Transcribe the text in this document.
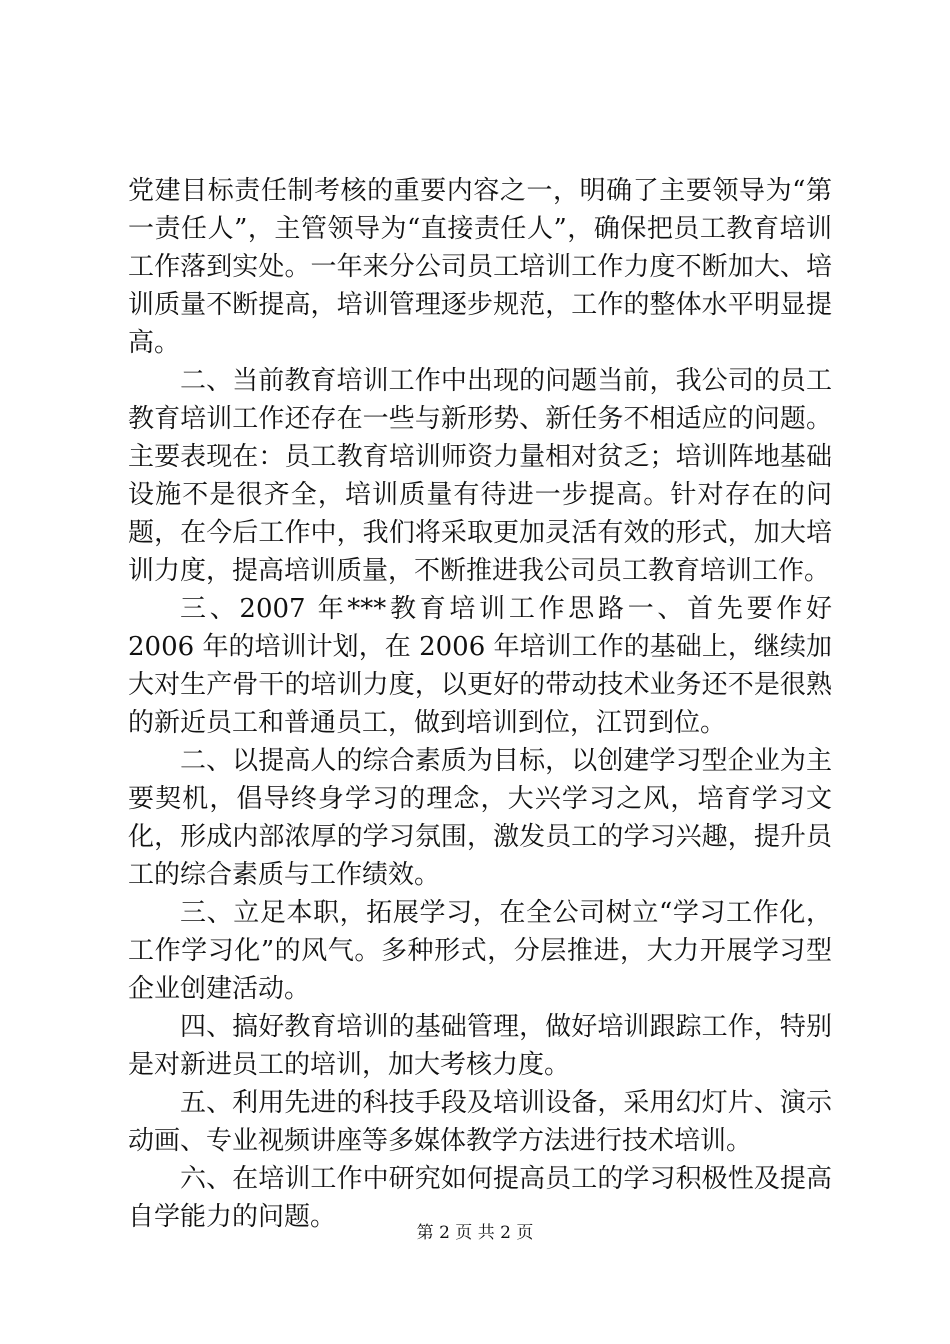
党建目标责任制考核的重要内容之一，明确了主要领导为“第一责任人”，主管领导为“直接责任人”，确保把员工教育培训工作落到实处。一年来分公司员工培训工作力度不断加大、培训质量不断提高，培训管理逐步规范，工作的整体水平明显提高。

二、当前教育培训工作中出现的问题当前，我公司的员工教育培训工作还存在一些与新形势、新任务不相适应的问题。主要表现在：员工教育培训师资力量相对贫乏；培训阵地基础设施不是很齐全，培训质量有待进一步提高。针对存在的问题，在今后工作中，我们将采取更加灵活有效的形式，加大培训力度，提高培训质量，不断推进我公司员工教育培训工作。

三、2007 年***教育培训工作思路一、首先要作好 2006 年的培训计划，在 2006 年培训工作的基础上，继续加大对生产骨干的培训力度，以更好的带动技术业务还不是很熟的新近员工和普通员工，做到培训到位，江罚到位。

二、以提高人的综合素质为目标，以创建学习型企业为主要契机，倡导终身学习的理念，大兴学习之风，培育学习文化，形成内部浓厚的学习氛围，激发员工的学习兴趣，提升员工的综合素质与工作绩效。

三、立足本职，拓展学习，在全公司树立“学习工作化，工作学习化”的风气。多种形式，分层推进，大力开展学习型企业创建活动。

四、搞好教育培训的基础管理，做好培训跟踪工作，特别是对新进员工的培训，加大考核力度。

五、利用先进的科技手段及培训设备，采用幻灯片、演示动画、专业视频讲座等多媒体教学方法进行技术培训。

六、在培训工作中研究如何提高员工的学习积极性及提高自学能力的问题。

第 2 页 共 2 页
